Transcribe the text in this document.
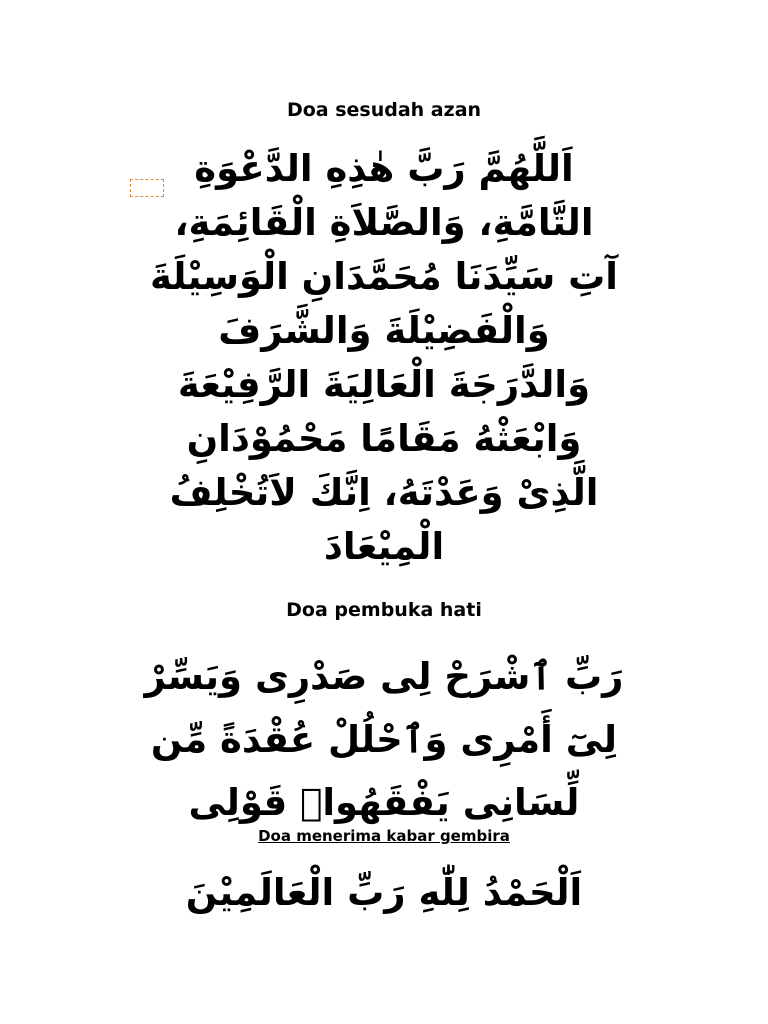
Doa sesudah azan
اَللَّهُمَّ رَبَّ هٰذِهِ الدَّعْوَةِ
التَّامَّةِ، وَالصَّلاَةِ الْقَائِمَةِ،
آتِ سَيِّدَنَا مُحَمَّدَانِ الْوَسِيْلَةَ
وَالْفَضِيْلَةَ وَالشَّرَفَ
وَالدَّرَجَةَ الْعَالِيَةَ الرَّفِيْعَةَ
وَابْعَثْهُ مَقَامًا مَحْمُوْدَانِ
الَّذِىْ وَعَدْتَهُ، اِنَّكَ لاَتُخْلِفُ
الْمِيْعَادَ
Doa pembuka hati
رَبِّ ٱشْرَحْ لِى صَدْرِى وَيَسِّرْ
لِىٓ أَمْرِى وَٱحْلُلْ عُقْدَةً مِّن
لِّسَانِى يَفْقَهُوا۟ قَوْلِى
Doa menerima kabar gembira
اَلْحَمْدُ لِلّٰهِ رَبِّ الْعَالَمِيْنَ
